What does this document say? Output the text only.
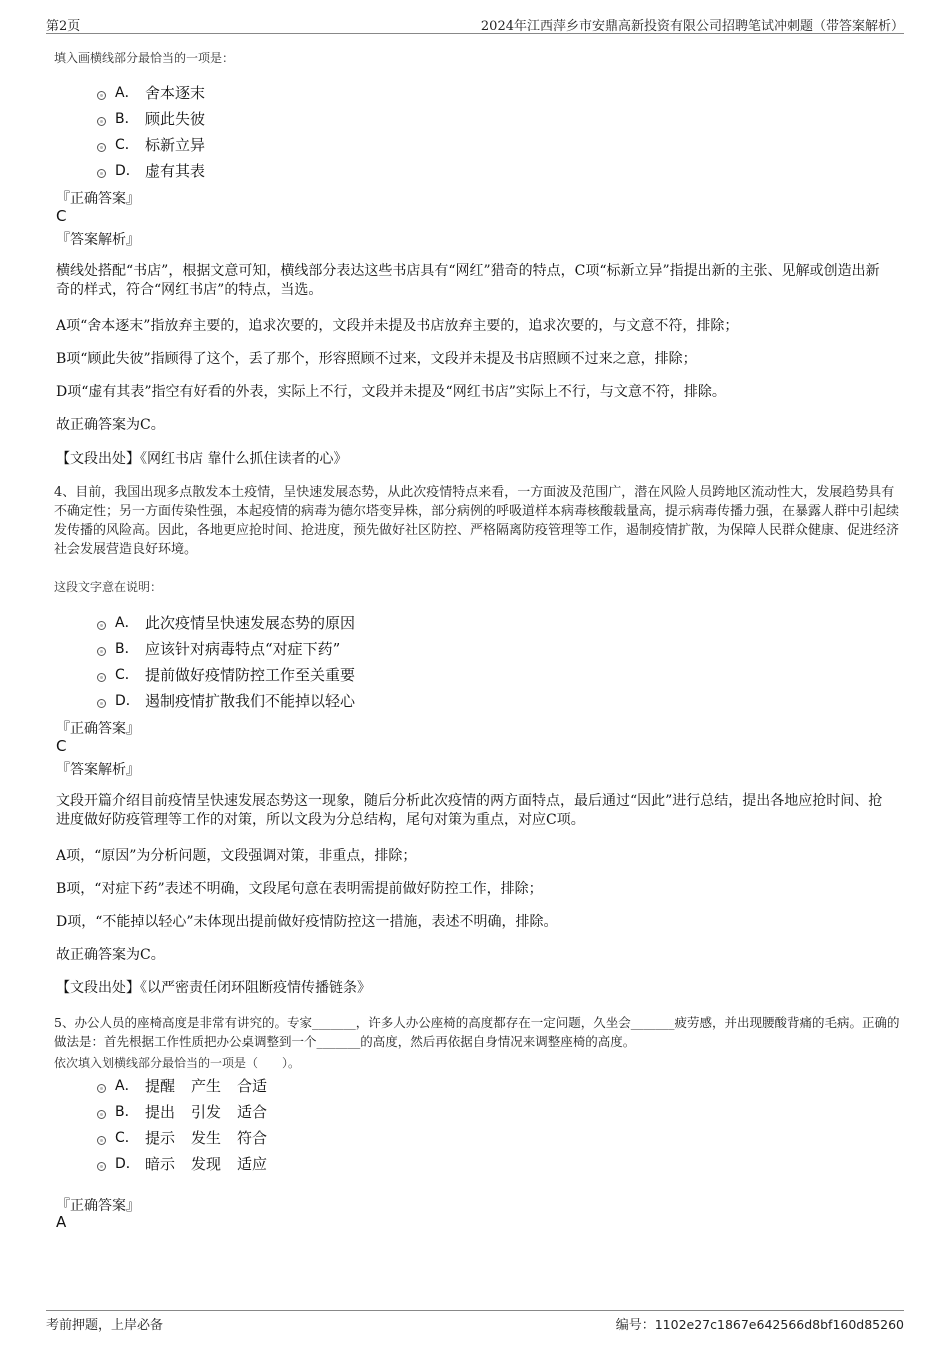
第2页	2024年江西萍乡市安鼎高新投资有限公司招聘笔试冲刺题（带答案解析）
填入画横线部分最恰当的一项是：
A． 舍本逐末
B． 顾此失彼
C． 标新立异
D． 虚有其表
『正确答案』
C
『答案解析』
横线处搭配“书店”，根据文意可知，横线部分表达这些书店具有“网红”猎奇的特点，C项“标新立异”指提出新的主张、见解或创造出新奇的样式，符合“网红书店”的特点，当选。
A项“舍本逐末”指放弃主要的，追求次要的，文段并未提及书店放弃主要的，追求次要的，与文意不符，排除；
B项“顾此失彼”指顾得了这个，丢了那个，形容照顾不过来，文段并未提及书店照顾不过来之意，排除；
D项“虚有其表”指空有好看的外表，实际上不行，文段并未提及“网红书店”实际上不行，与文意不符，排除。
故正确答案为C。
【文段出处】《网红书店 靠什么抓住读者的心》
4、目前，我国出现多点散发本土疫情，呈快速发展态势，从此次疫情特点来看，一方面波及范围广，潜在风险人员跨地区流动性大，发展趋势具有不确定性；另一方面传染性强，本起疫情的病毒为德尔塔变异株，部分病例的呼吸道样本病毒核酸载量高，提示病毒传播力强，在暴露人群中引起续发传播的风险高。因此，各地更应抢时间、抢进度，预先做好社区防控、严格隔离防疫管理等工作，遏制疫情扩散，为保障人民群众健康、促进经济社会发展营造良好环境。
这段文字意在说明：
A． 此次疫情呈快速发展态势的原因
B． 应该针对病毒特点“对症下药”
C． 提前做好疫情防控工作至关重要
D． 遏制疫情扩散我们不能掉以轻心
『正确答案』
C
『答案解析』
文段开篇介绍目前疫情呈快速发展态势这一现象，随后分析此次疫情的两方面特点，最后通过“因此”进行总结，提出各地应抢时间、抢进度做好防疫管理等工作的对策，所以文段为分总结构，尾句对策为重点，对应C项。
A项，“原因”为分析问题，文段强调对策，非重点，排除；
B项，“对症下药”表述不明确，文段尾句意在表明需提前做好防控工作，排除；
D项，“不能掉以轻心”未体现出提前做好疫情防控这一措施，表述不明确，排除。
故正确答案为C。
【文段出处】《以严密责任闭环阻断疫情传播链条》
5、办公人员的座椅高度是非常有讲究的。专家_______，许多人办公座椅的高度都存在一定问题，久坐会_______疲劳感，并出现腰酸背痛的毛病。正确的做法是：首先根据工作性质把办公桌调整到一个_______的高度，然后再依据自身情况来调整座椅的高度。
依次填入划横线部分最恰当的一项是（　　）。
A． 提醒 产生 合适
B． 提出 引发 适合
C． 提示 发生 符合
D． 暗示 发现 适应
『正确答案』
A
考前押题，上岸必备	编号：1102e27c1867e642566d8bf160d85260
